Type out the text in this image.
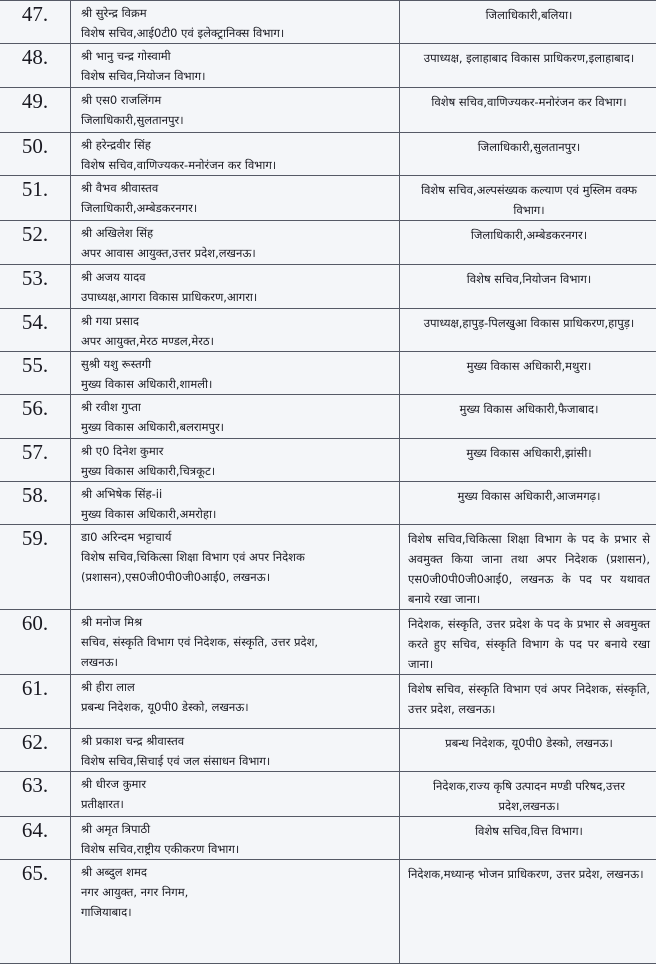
47.	श्री सुरेन्द्र विक्रम
विशेष सचिव,आई0टी0 एवं इलेक्ट्रानिक्स विभाग।	जिलाधिकारी,बलिया।
48.	श्री भानु चन्द्र गोस्वामी
विशेष सचिव,नियोजन विभाग।	उपाध्यक्ष, इलाहाबाद विकास प्राधिकरण,इलाहाबाद।
49.	श्री एस0 राजलिंगम
जिलाधिकारी,सुलतानपुर।	विशेष सचिव,वाणिज्यकर-मनोरंजन कर विभाग।
50.	श्री हरेन्द्रवीर सिंह
विशेष सचिव,वाणिज्यकर-मनोरंजन कर विभाग।	जिलाधिकारी,सुलतानपुर।
51.	श्री वैभव श्रीवास्तव
जिलाधिकारी,अम्बेडकरनगर।	विशेष सचिव,अल्पसंख्यक कल्याण एवं मुस्लिम वक्फ विभाग।
52.	श्री अखिलेश सिंह
अपर आवास आयुक्त,उत्तर प्रदेश,लखनऊ।	जिलाधिकारी,अम्बेडकरनगर।
53.	श्री अजय यादव
उपाध्यक्ष,आगरा विकास प्राधिकरण,आगरा।	विशेष सचिव,नियोजन विभाग।
54.	श्री गया प्रसाद
अपर आयुक्त,मेरठ मण्डल,मेरठ।	उपाध्यक्ष,हापुड़-पिलखुआ विकास प्राधिकरण,हापुड़।
55.	सुश्री यशु रूस्तगी
मुख्य विकास अधिकारी,शामली।	मुख्य विकास अधिकारी,मथुरा।
56.	श्री रवीश गुप्ता
मुख्य विकास अधिकारी,बलरामपुर।	मुख्य विकास अधिकारी,फैजाबाद।
57.	श्री ए0 दिनेश कुमार
मुख्य विकास अधिकारी,चित्रकूट।	मुख्य विकास अधिकारी,झांसी।
58.	श्री अभिषेक सिंह-ii
मुख्य विकास अधिकारी,अमरोहा।	मुख्य विकास अधिकारी,आजमगढ़।
59.	डा0 अरिन्दम भट्टाचार्य
विशेष सचिव,चिकित्सा शिक्षा विभाग एवं अपर निदेशक
(प्रशासन),एस0जी0पी0जी0आई0, लखनऊ।	विशेष सचिव,चिकित्सा शिक्षा विभाग के पद के प्रभार से अवमुक्त किया जाना तथा अपर निदेशक (प्रशासन), एस0जी0पी0जी0आई0, लखनऊ के पद पर यथावत बनाये रखा जाना।
60.	श्री मनोज मिश्र
सचिव, संस्कृति विभाग एवं निदेशक, संस्कृति, उत्तर प्रदेश,
लखनऊ।	निदेशक, संस्कृति, उत्तर प्रदेश के पद के प्रभार से अवमुक्त करते हुए सचिव, संस्कृति विभाग के पद पर बनाये रखा जाना।
61.	श्री हीरा लाल
प्रबन्ध निदेशक, यू0पी0 डेस्को, लखनऊ।	विशेष सचिव, संस्कृति विभाग एवं अपर निदेशक, संस्कृति, उत्तर प्रदेश, लखनऊ।
62.	श्री प्रकाश चन्द्र श्रीवास्तव
विशेष सचिव,सिचाई एवं जल संसाधन विभाग।	प्रबन्ध निदेशक, यू0पी0 डेस्को, लखनऊ।
63.	श्री धीरज कुमार
प्रतीक्षारत।	निदेशक,राज्य कृषि उत्पादन मण्डी परिषद,उत्तर प्रदेश,लखनऊ।
64.	श्री अमृत त्रिपाठी
विशेष सचिव,राष्ट्रीय एकीकरण विभाग।	विशेष सचिव,वित्त विभाग।
65.	श्री अब्दुल शमद
नगर आयुक्त, नगर निगम,
गाजियाबाद।	निदेशक,मध्यान्ह भोजन प्राधिकरण, उत्तर प्रदेश, लखनऊ।
